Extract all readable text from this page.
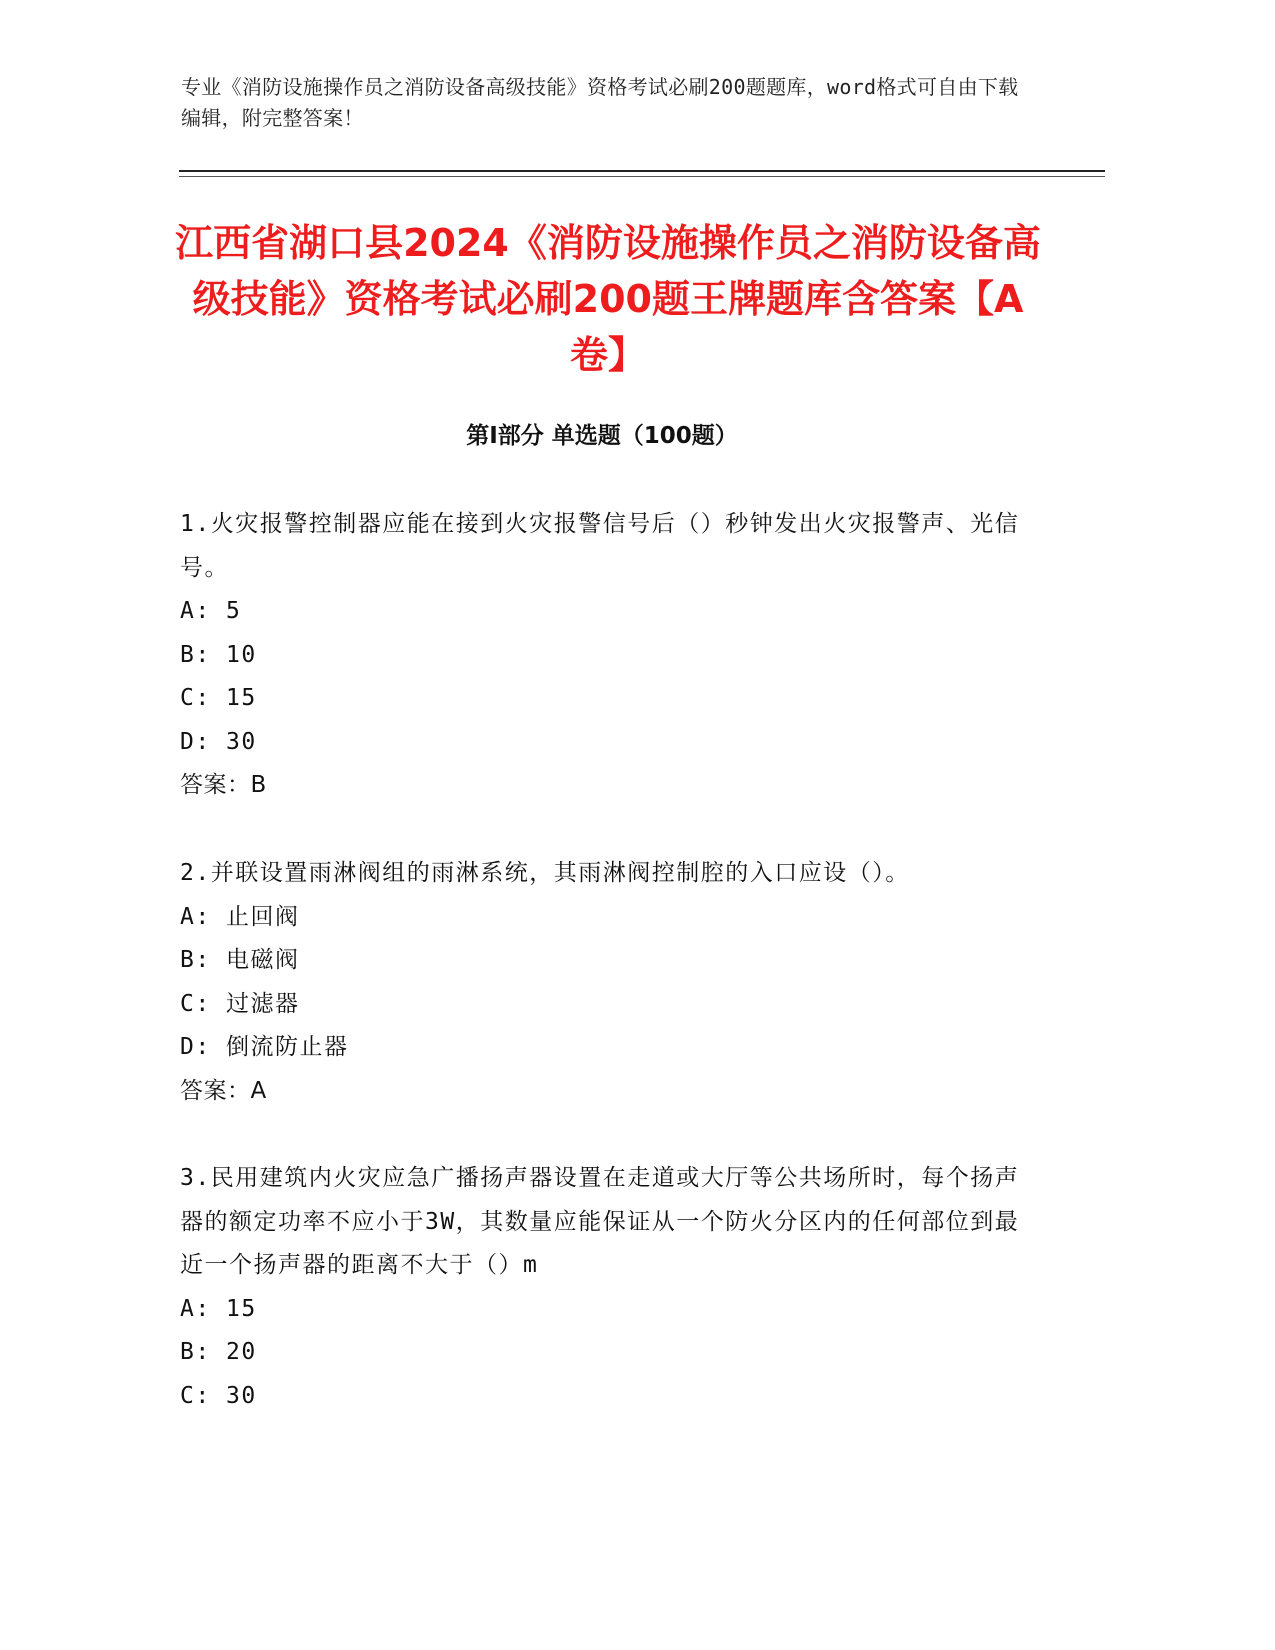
专业《消防设施操作员之消防设备高级技能》资格考试必刷200题题库，word格式可自由下载编辑，附完整答案！
江西省湖口县2024《消防设施操作员之消防设备高级技能》资格考试必刷200题王牌题库含答案【A卷】
第I部分 单选题（100题）
1.火灾报警控制器应能在接到火灾报警信号后（）秒钟发出火灾报警声、光信号。
A: 5
B: 10
C: 15
D: 30
答案：B
2.并联设置雨淋阀组的雨淋系统，其雨淋阀控制腔的入口应设（）。
A: 止回阀
B: 电磁阀
C: 过滤器
D: 倒流防止器
答案：A
3.民用建筑内火灾应急广播扬声器设置在走道或大厅等公共场所时，每个扬声器的额定功率不应小于3W，其数量应能保证从一个防火分区内的任何部位到最近一个扬声器的距离不大于（）m
A: 15
B: 20
C: 30
